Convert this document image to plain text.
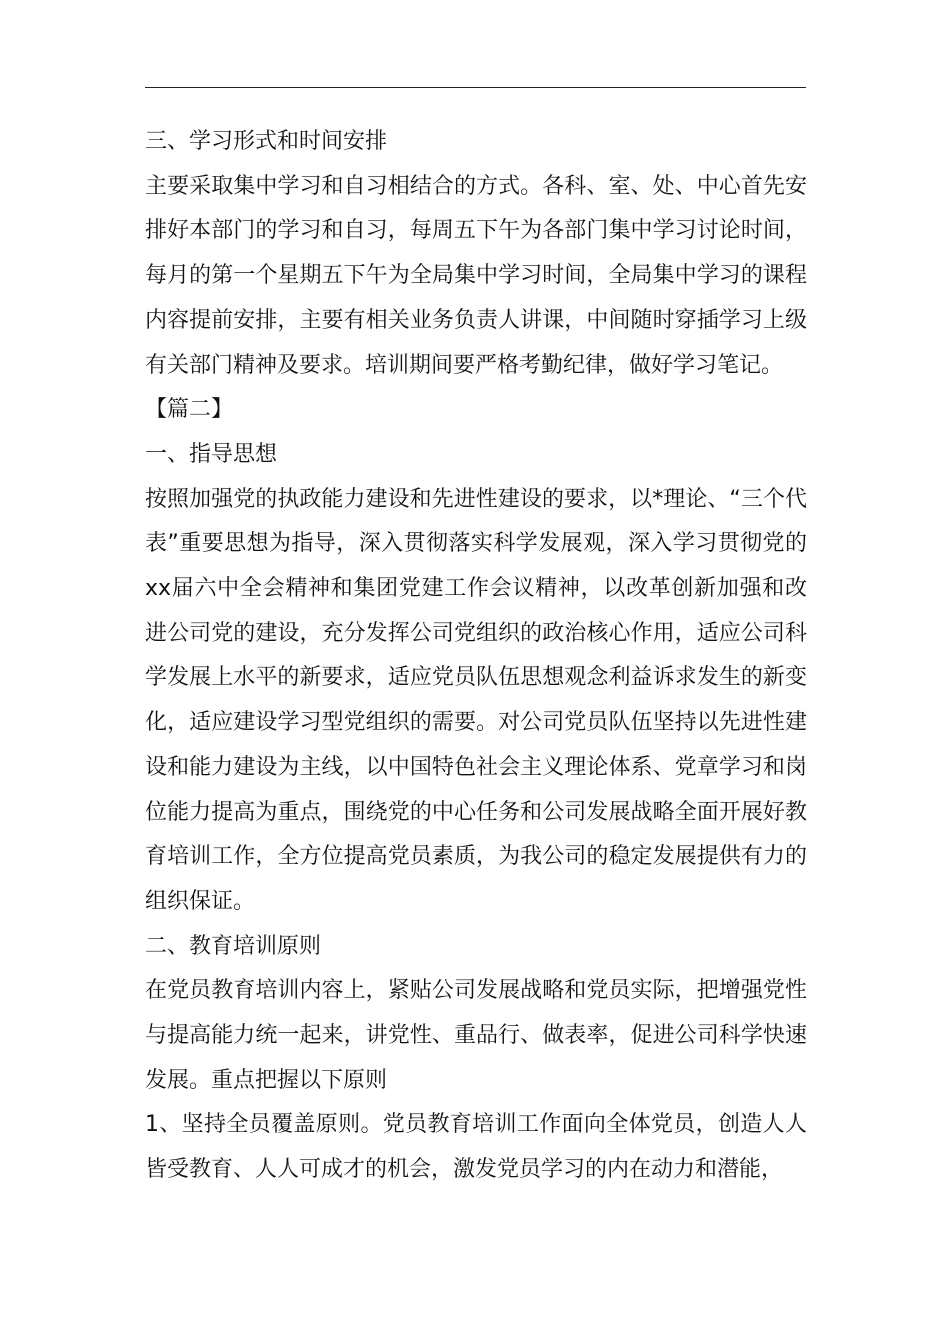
三、学习形式和时间安排

主要采取集中学习和自习相结合的方式。各科、室、处、中心首先安排好本部门的学习和自习，每周五下午为各部门集中学习讨论时间，每月的第一个星期五下午为全局集中学习时间，全局集中学习的课程内容提前安排，主要有相关业务负责人讲课，中间随时穿插学习上级有关部门精神及要求。培训期间要严格考勤纪律，做好学习笔记。

【篇二】

一、指导思想

按照加强党的执政能力建设和先进性建设的要求，以*理论、“三个代表”重要思想为指导，深入贯彻落实科学发展观，深入学习贯彻党的xx届六中全会精神和集团党建工作会议精神，以改革创新加强和改进公司党的建设，充分发挥公司党组织的政治核心作用，适应公司科学发展上水平的新要求，适应党员队伍思想观念利益诉求发生的新变化，适应建设学习型党组织的需要。对公司党员队伍坚持以先进性建设和能力建设为主线，以中国特色社会主义理论体系、党章学习和岗位能力提高为重点，围绕党的中心任务和公司发展战略全面开展好教育培训工作，全方位提高党员素质，为我公司的稳定发展提供有力的组织保证。

二、教育培训原则

在党员教育培训内容上，紧贴公司发展战略和党员实际，把增强党性与提高能力统一起来，讲党性、重品行、做表率，促进公司科学快速发展。重点把握以下原则

1、坚持全员覆盖原则。党员教育培训工作面向全体党员，创造人人皆受教育、人人可成才的机会，激发党员学习的内在动力和潜能，
